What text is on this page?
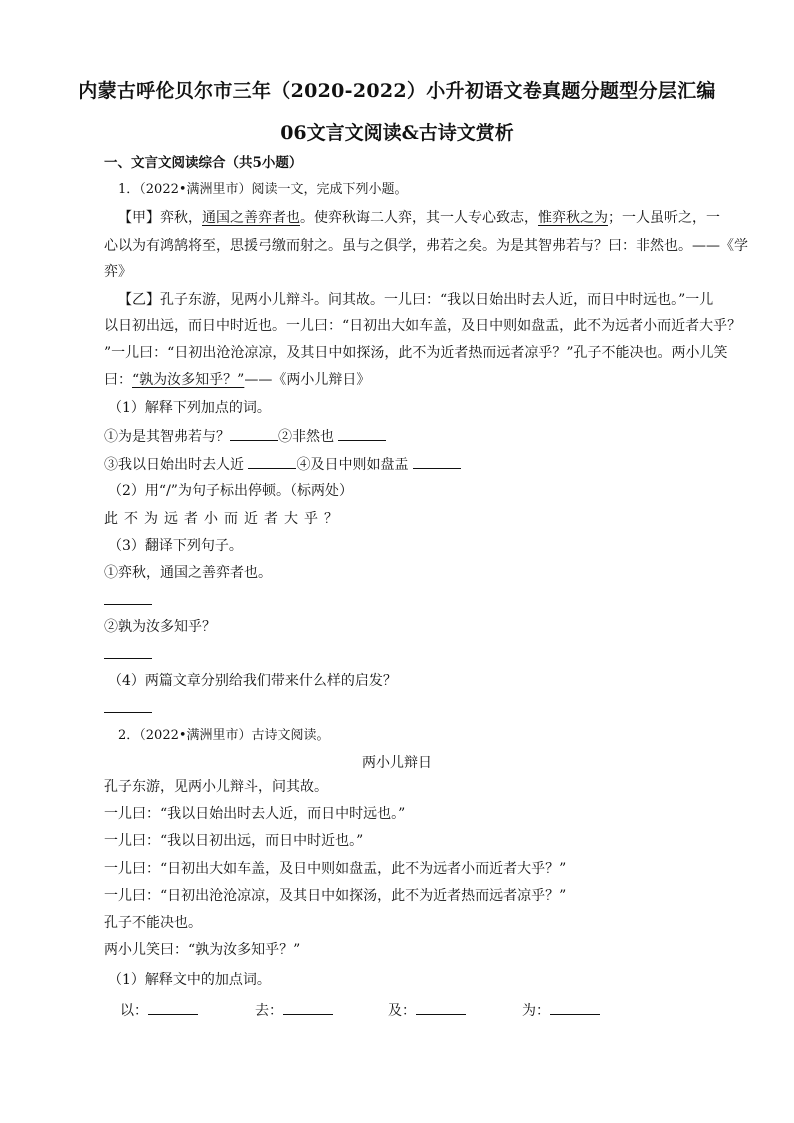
内蒙古呼伦贝尔市三年（2020-2022）小升初语文卷真题分题型分层汇编
06文言文阅读&古诗文赏析
一、文言文阅读综合（共5小题）
1．（2022•满洲里市）阅读一文，完成下列小题。
【甲】弈秋，通国之善弈者也。使弈秋诲二人弈，其一人专心致志，惟弈秋之为；一人虽听之，一
心以为有鸿鹄将至，思援弓缴而射之。虽与之俱学，弗若之矣。为是其智弗若与？曰：非然也。——《学
弈》
【乙】孔子东游，见两小儿辩斗。问其故。一儿曰：“我以日始出时去人近，而日中时远也。”一儿
以日初出远，而日中时近也。一儿曰：“日初出大如车盖，及日中则如盘盂，此不为远者小而近者大乎？
”一儿曰：“日初出沧沧凉凉，及其日中如探汤，此不为近者热而远者凉乎？”孔子不能决也。两小儿笑
曰：“孰为汝多知乎？”——《两小儿辩日》
（1）解释下列加点的词。
①为是其智弗若与？	②非然也
③我以日始出时去人近	④及日中则如盘盂
（2）用“/”为句子标出停顿。（标两处）
此不为远者小而近者大乎？
（3）翻译下列句子。
①弈秋，通国之善弈者也。
②孰为汝多知乎？
（4）两篇文章分别给我们带来什么样的启发？
2．（2022•满洲里市）古诗文阅读。
两小儿辩日
孔子东游，见两小儿辩斗，问其故。
一儿曰：“我以日始出时去人近，而日中时远也。”
一儿曰：“我以日初出远，而日中时近也。”
一儿曰：“日初出大如车盖，及日中则如盘盂，此不为远者小而近者大乎？”
一儿曰：“日初出沧沧凉凉，及其日中如探汤，此不为近者热而远者凉乎？”
孔子不能决也。
两小儿笑曰：“孰为汝多知乎？”
（1）解释文中的加点词。
以：	去：	及：	为：
